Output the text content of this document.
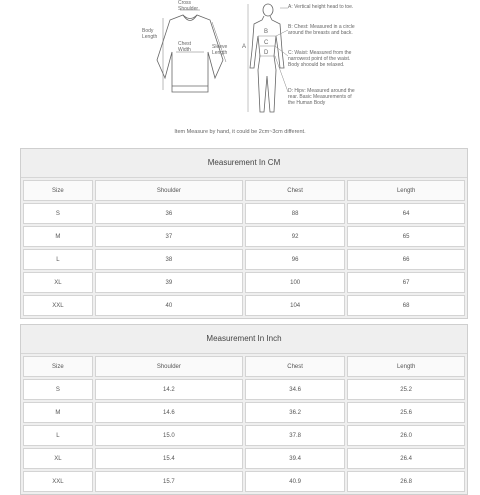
Cross
Shoulder
Body
Length
Chest
Width	Sleeve
Length
A
B
C
D
A: Vertical height head to toe.
B: Chest: Measured in a circle around the breasts and back.
C: Waist: Measured from the narrowest point of the waist. Body shoould be relaxed.
D: Hipv: Measured around the rear. Basic Measurements of the Human Body
Item Measure by hand, it could be 2cm~3cm different.
Measurement In CM
Size	Shoulder	Chest	Length
S	36	88	64
M	37	92	65
L	38	96	66
XL	39	100	67
XXL	40	104	68
Measurement In Inch
Size	Shoulder	Chest	Length
S	14.2	34.6	25.2
M	14.6	36.2	25.6
L	15.0	37.8	26.0
XL	15.4	39.4	26.4
XXL	15.7	40.9	26.8
